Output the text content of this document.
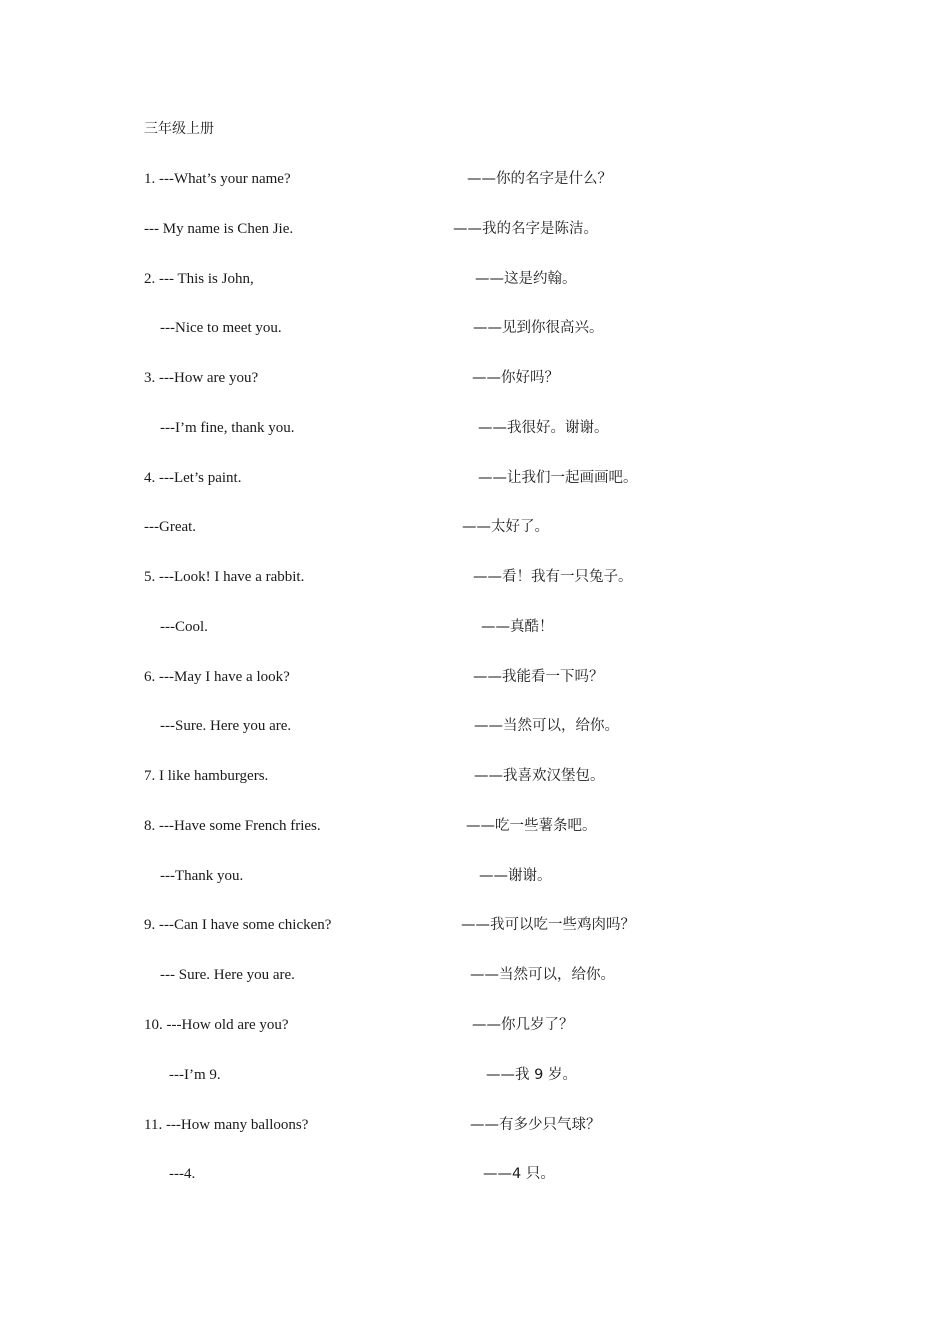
三年级上册
1. ---What’s your name?	——你的名字是什么？
--- My name is Chen Jie.	——我的名字是陈洁。
2. --- This is John,	——这是约翰。
---Nice to meet you.	——见到你很高兴。
3. ---How are you?	——你好吗？
---I’m fine, thank you.	——我很好。谢谢。
4. ---Let’s paint.	——让我们一起画画吧。
---Great.	——太好了。
5. ---Look! I have a rabbit.	——看！我有一只兔子。
---Cool.	——真酷！
6. ---May I have a look?	——我能看一下吗？
---Sure. Here you are.	——当然可以，给你。
7. I like hamburgers.	——我喜欢汉堡包。
8. ---Have some French fries.	——吃一些薯条吧。
---Thank you.	——谢谢。
9. ---Can I have some chicken?	——我可以吃一些鸡肉吗？
--- Sure. Here you are.	——当然可以，给你。
10. ---How old are you?	——你几岁了？
---I’m 9.	——我 9 岁。
11. ---How many balloons?	——有多少只气球？
---4.	——4 只。
